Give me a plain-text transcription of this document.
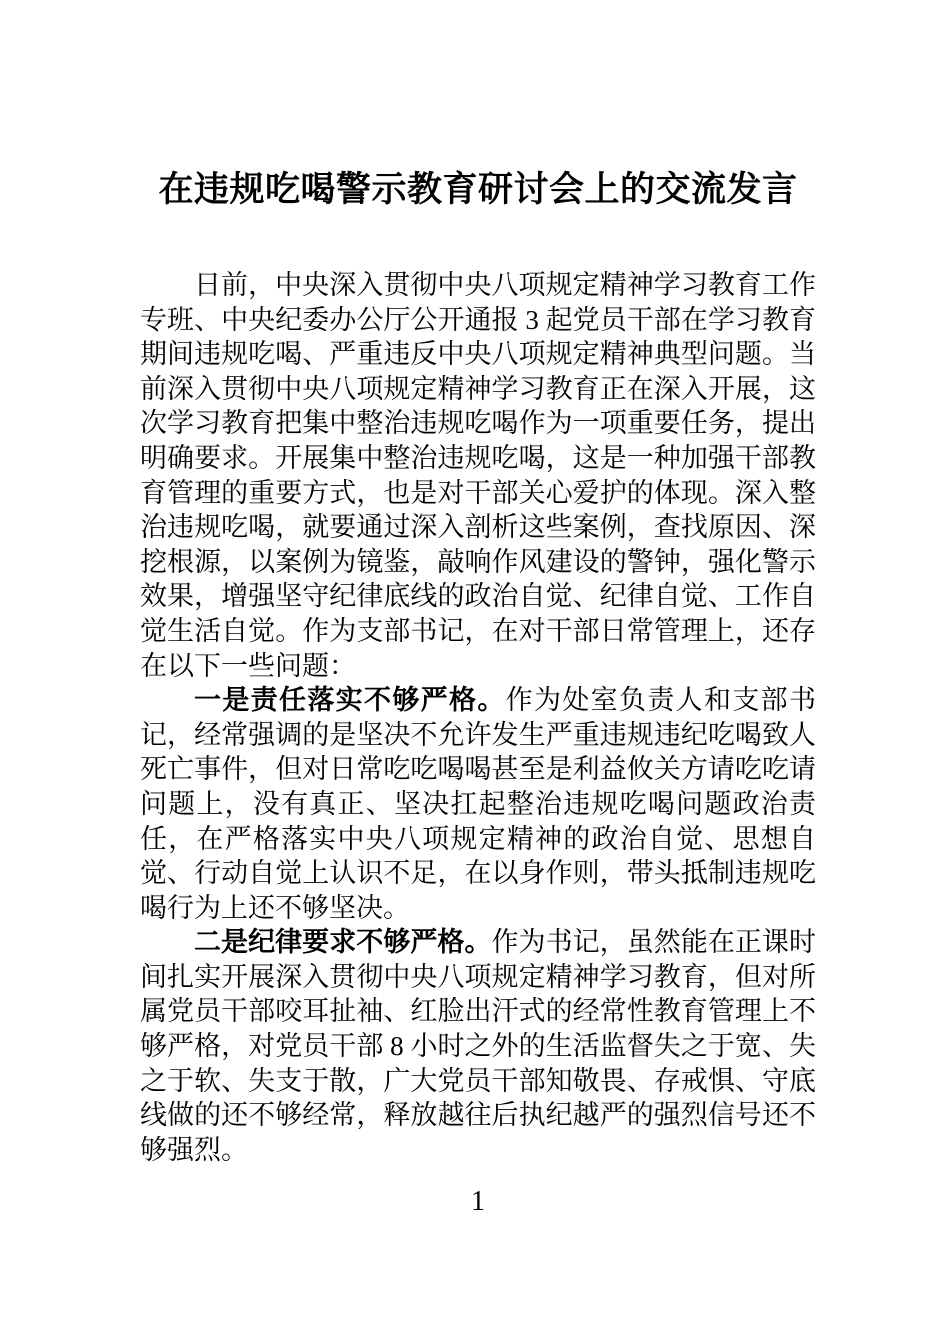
在违规吃喝警示教育研讨会上的交流发言

日前，中央深入贯彻中央八项规定精神学习教育工作专班、中央纪委办公厅公开通报 3 起党员干部在学习教育期间违规吃喝、严重违反中央八项规定精神典型问题。当前深入贯彻中央八项规定精神学习教育正在深入开展，这次学习教育把集中整治违规吃喝作为一项重要任务，提出明确要求。开展集中整治违规吃喝，这是一种加强干部教育管理的重要方式，也是对干部关心爱护的体现。深入整治违规吃喝，就要通过深入剖析这些案例，查找原因、深挖根源，以案例为镜鉴，敲响作风建设的警钟，强化警示效果，增强坚守纪律底线的政治自觉、纪律自觉、工作自觉生活自觉。作为支部书记，在对干部日常管理上，还存在以下一些问题：

一是责任落实不够严格。作为处室负责人和支部书记，经常强调的是坚决不允许发生严重违规违纪吃喝致人死亡事件，但对日常吃吃喝喝甚至是利益攸关方请吃吃请问题上，没有真正、坚决扛起整治违规吃喝问题政治责任，在严格落实中央八项规定精神的政治自觉、思想自觉、行动自觉上认识不足，在以身作则，带头抵制违规吃喝行为上还不够坚决。

二是纪律要求不够严格。作为书记，虽然能在正课时间扎实开展深入贯彻中央八项规定精神学习教育，但对所属党员干部咬耳扯袖、红脸出汗式的经常性教育管理上不够严格，对党员干部 8 小时之外的生活监督失之于宽、失之于软、失支于散，广大党员干部知敬畏、存戒惧、守底线做的还不够经常，释放越往后执纪越严的强烈信号还不够强烈。

1
